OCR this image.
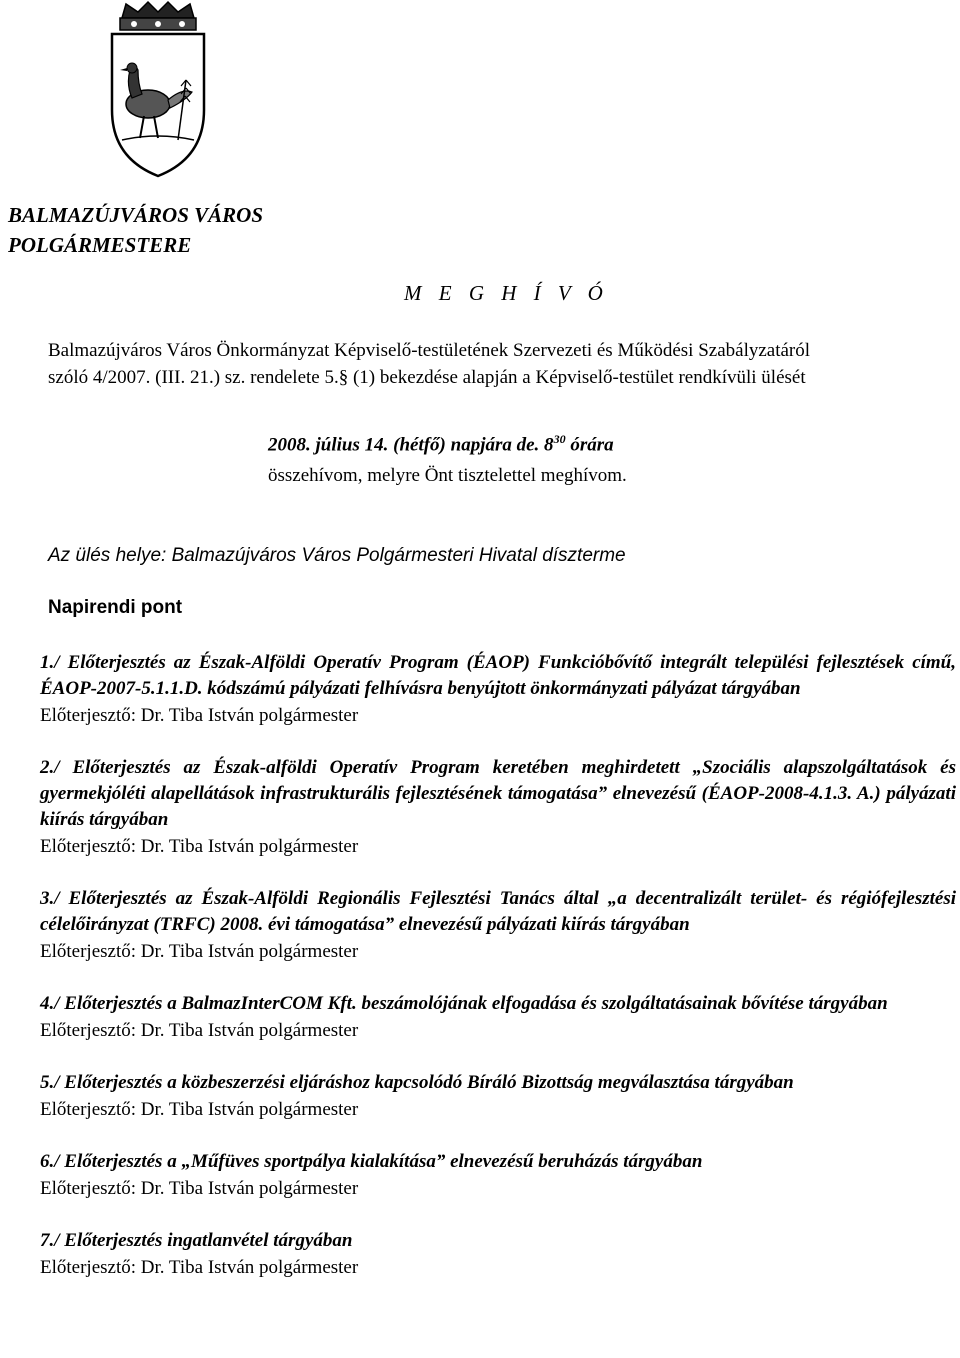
BALMAZÚJVÁROS VÁROS
POLGÁRMESTERE
M E G H Í V Ó
Balmazújváros Város Önkormányzat Képviselő-testületének Szervezeti és Működési Szabályzatáról
szóló 4/2007. (III. 21.) sz. rendelete 5.§ (1) bekezdése alapján a Képviselő-testület rendkívüli ülését
2008. július 14. (hétfő) napjára de. $8^{30}$ órára
összehívom, melyre Önt tisztelettel meghívom.
Az ülés helye: Balmazújváros Város Polgármesteri Hivatal díszterme
Napirendi pont

1./ Előterjesztés az Észak-Alföldi Operatív Program (ÉAOP) Funkcióbővítő integrált települési fejlesztések című, ÉAOP-2007-5.1.1.D. kódszámú pályázati felhívásra benyújtott önkormányzati pályázat tárgyában

Előterjesztő: Dr. Tiba István polgármester

2./ Előterjesztés az Észak-alföldi Operatív Program keretében meghirdetett „Szociális alapszolgáltatások és gyermekjóléti alapellátások infrastrukturális fejlesztésének támogatása” elnevezésű (ÉAOP-2008-4.1.3. A.) pályázati kiírás tárgyában

Előterjesztő: Dr. Tiba István polgármester

3./ Előterjesztés az Észak-Alföldi Regionális Fejlesztési Tanács által „a decentralizált terület- és régiófejlesztési célelőirányzat (TRFC) 2008. évi támogatása” elnevezésű pályázati kiírás tárgyában

Előterjesztő: Dr. Tiba István polgármester

4./ Előterjesztés a BalmazInterCOM Kft. beszámolójának elfogadása és szolgáltatásainak bővítése tárgyában

Előterjesztő: Dr. Tiba István polgármester

5./ Előterjesztés a közbeszerzési eljáráshoz kapcsolódó Bíráló Bizottság megválasztása tárgyában

Előterjesztő: Dr. Tiba István polgármester

6./ Előterjesztés a „Műfüves sportpálya kialakítása” elnevezésű beruházás tárgyában

Előterjesztő: Dr. Tiba István polgármester

7./ Előterjesztés ingatlanvétel tárgyában

Előterjesztő: Dr. Tiba István polgármester
